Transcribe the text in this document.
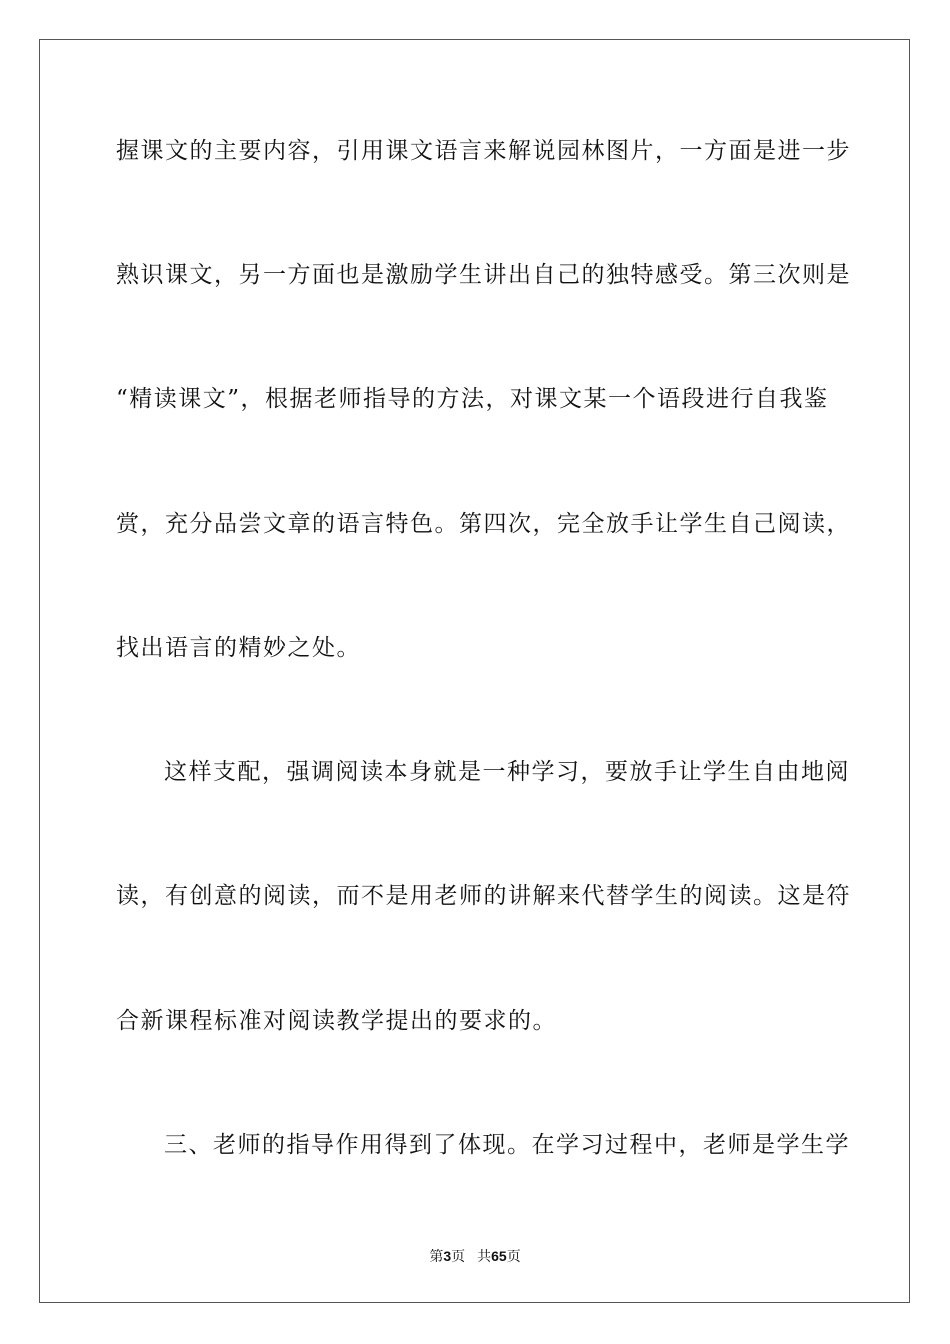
握课文的主要内容，引用课文语言来解说园林图片，一方面是进一步
熟识课文，另一方面也是激励学生讲出自己的独特感受。第三次则是
“精读课文”，根据老师指导的方法，对课文某一个语段进行自我鉴
赏，充分品尝文章的语言特色。第四次，完全放手让学生自己阅读，
找出语言的精妙之处。
这样支配，强调阅读本身就是一种学习，要放手让学生自由地阅
读，有创意的阅读，而不是用老师的讲解来代替学生的阅读。这是符
合新课程标准对阅读教学提出的要求的。
三、老师的指导作用得到了体现。在学习过程中，老师是学生学
第3页 共65页
